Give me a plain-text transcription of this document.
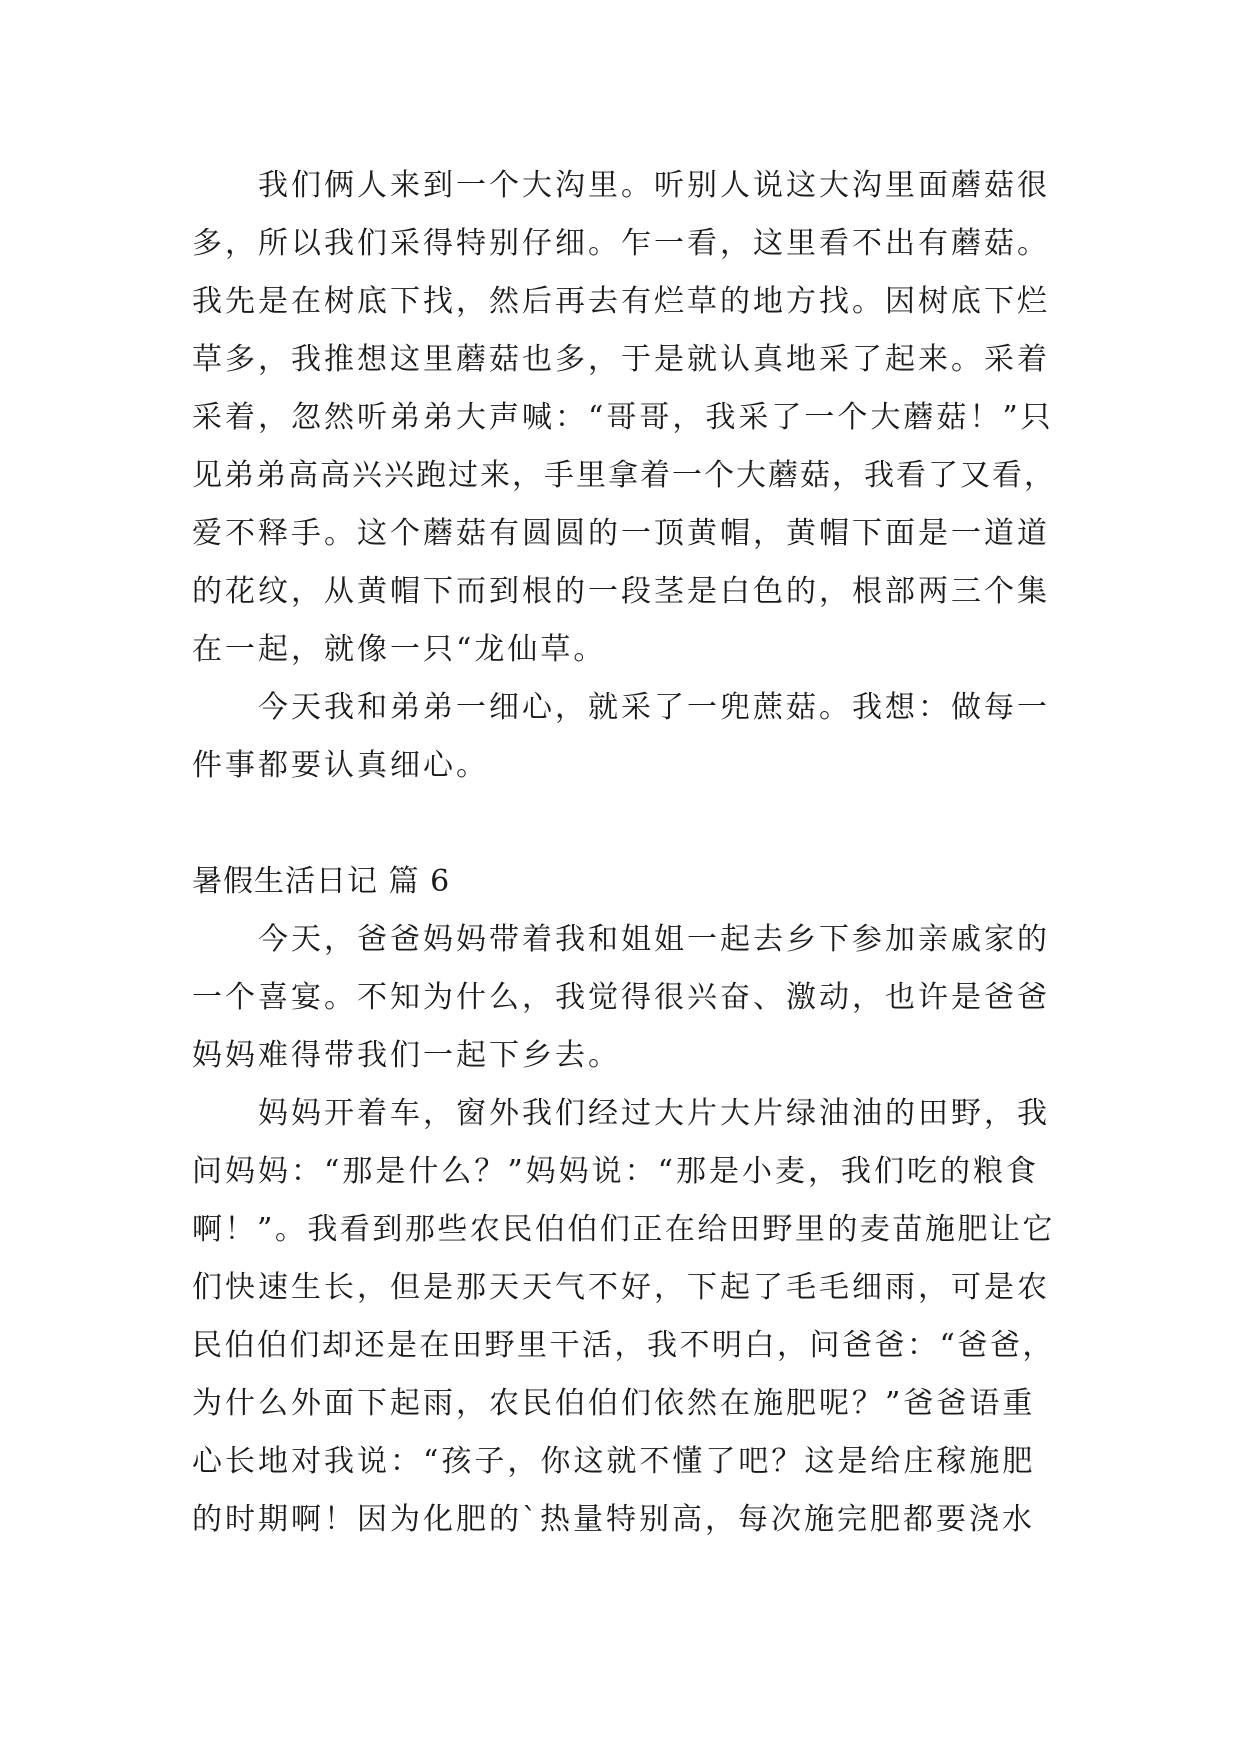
我们俩人来到一个大沟里。听别人说这大沟里面蘑菇很
多，所以我们采得特别仔细。乍一看，这里看不出有蘑菇。
我先是在树底下找，然后再去有烂草的地方找。因树底下烂
草多，我推想这里蘑菇也多，于是就认真地采了起来。采着
采着，忽然听弟弟大声喊：“哥哥，我采了一个大蘑菇！”只
见弟弟高高兴兴跑过来，手里拿着一个大蘑菇，我看了又看，
爱不释手。这个蘑菇有圆圆的一顶黄帽，黄帽下面是一道道
的花纹，从黄帽下而到根的一段茎是白色的，根部两三个集
在一起，就像一只“龙仙草。
今天我和弟弟一细心，就采了一兜蔗菇。我想：做每一
件事都要认真细心。
暑假生活日记 篇 6
今天，爸爸妈妈带着我和姐姐一起去乡下参加亲戚家的
一个喜宴。不知为什么，我觉得很兴奋、激动，也许是爸爸
妈妈难得带我们一起下乡去。
妈妈开着车，窗外我们经过大片大片绿油油的田野，我
问妈妈：“那是什么？”妈妈说：“那是小麦，我们吃的粮食
啊！”。我看到那些农民伯伯们正在给田野里的麦苗施肥让它
们快速生长，但是那天天气不好，下起了毛毛细雨，可是农
民伯伯们却还是在田野里干活，我不明白，问爸爸：“爸爸，
为什么外面下起雨，农民伯伯们依然在施肥呢？”爸爸语重
心长地对我说：“孩子，你这就不懂了吧？这是给庄稼施肥
的时期啊！因为化肥的`热量特别高，每次施完肥都要浇水
